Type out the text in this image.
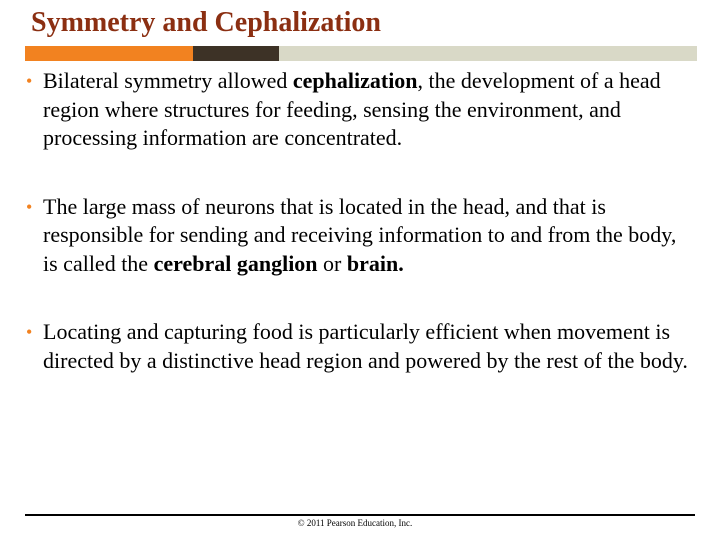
Symmetry and Cephalization
• Bilateral symmetry allowed cephalization, the development of a head region where structures for feeding, sensing the environment, and processing information are concentrated.
• The large mass of neurons that is located in the head, and that is responsible for sending and receiving information to and from the body, is called the cerebral ganglion or brain.
• Locating and capturing food is particularly efficient when movement is directed by a distinctive head region and powered by the rest of the body.
© 2011 Pearson Education, Inc.
